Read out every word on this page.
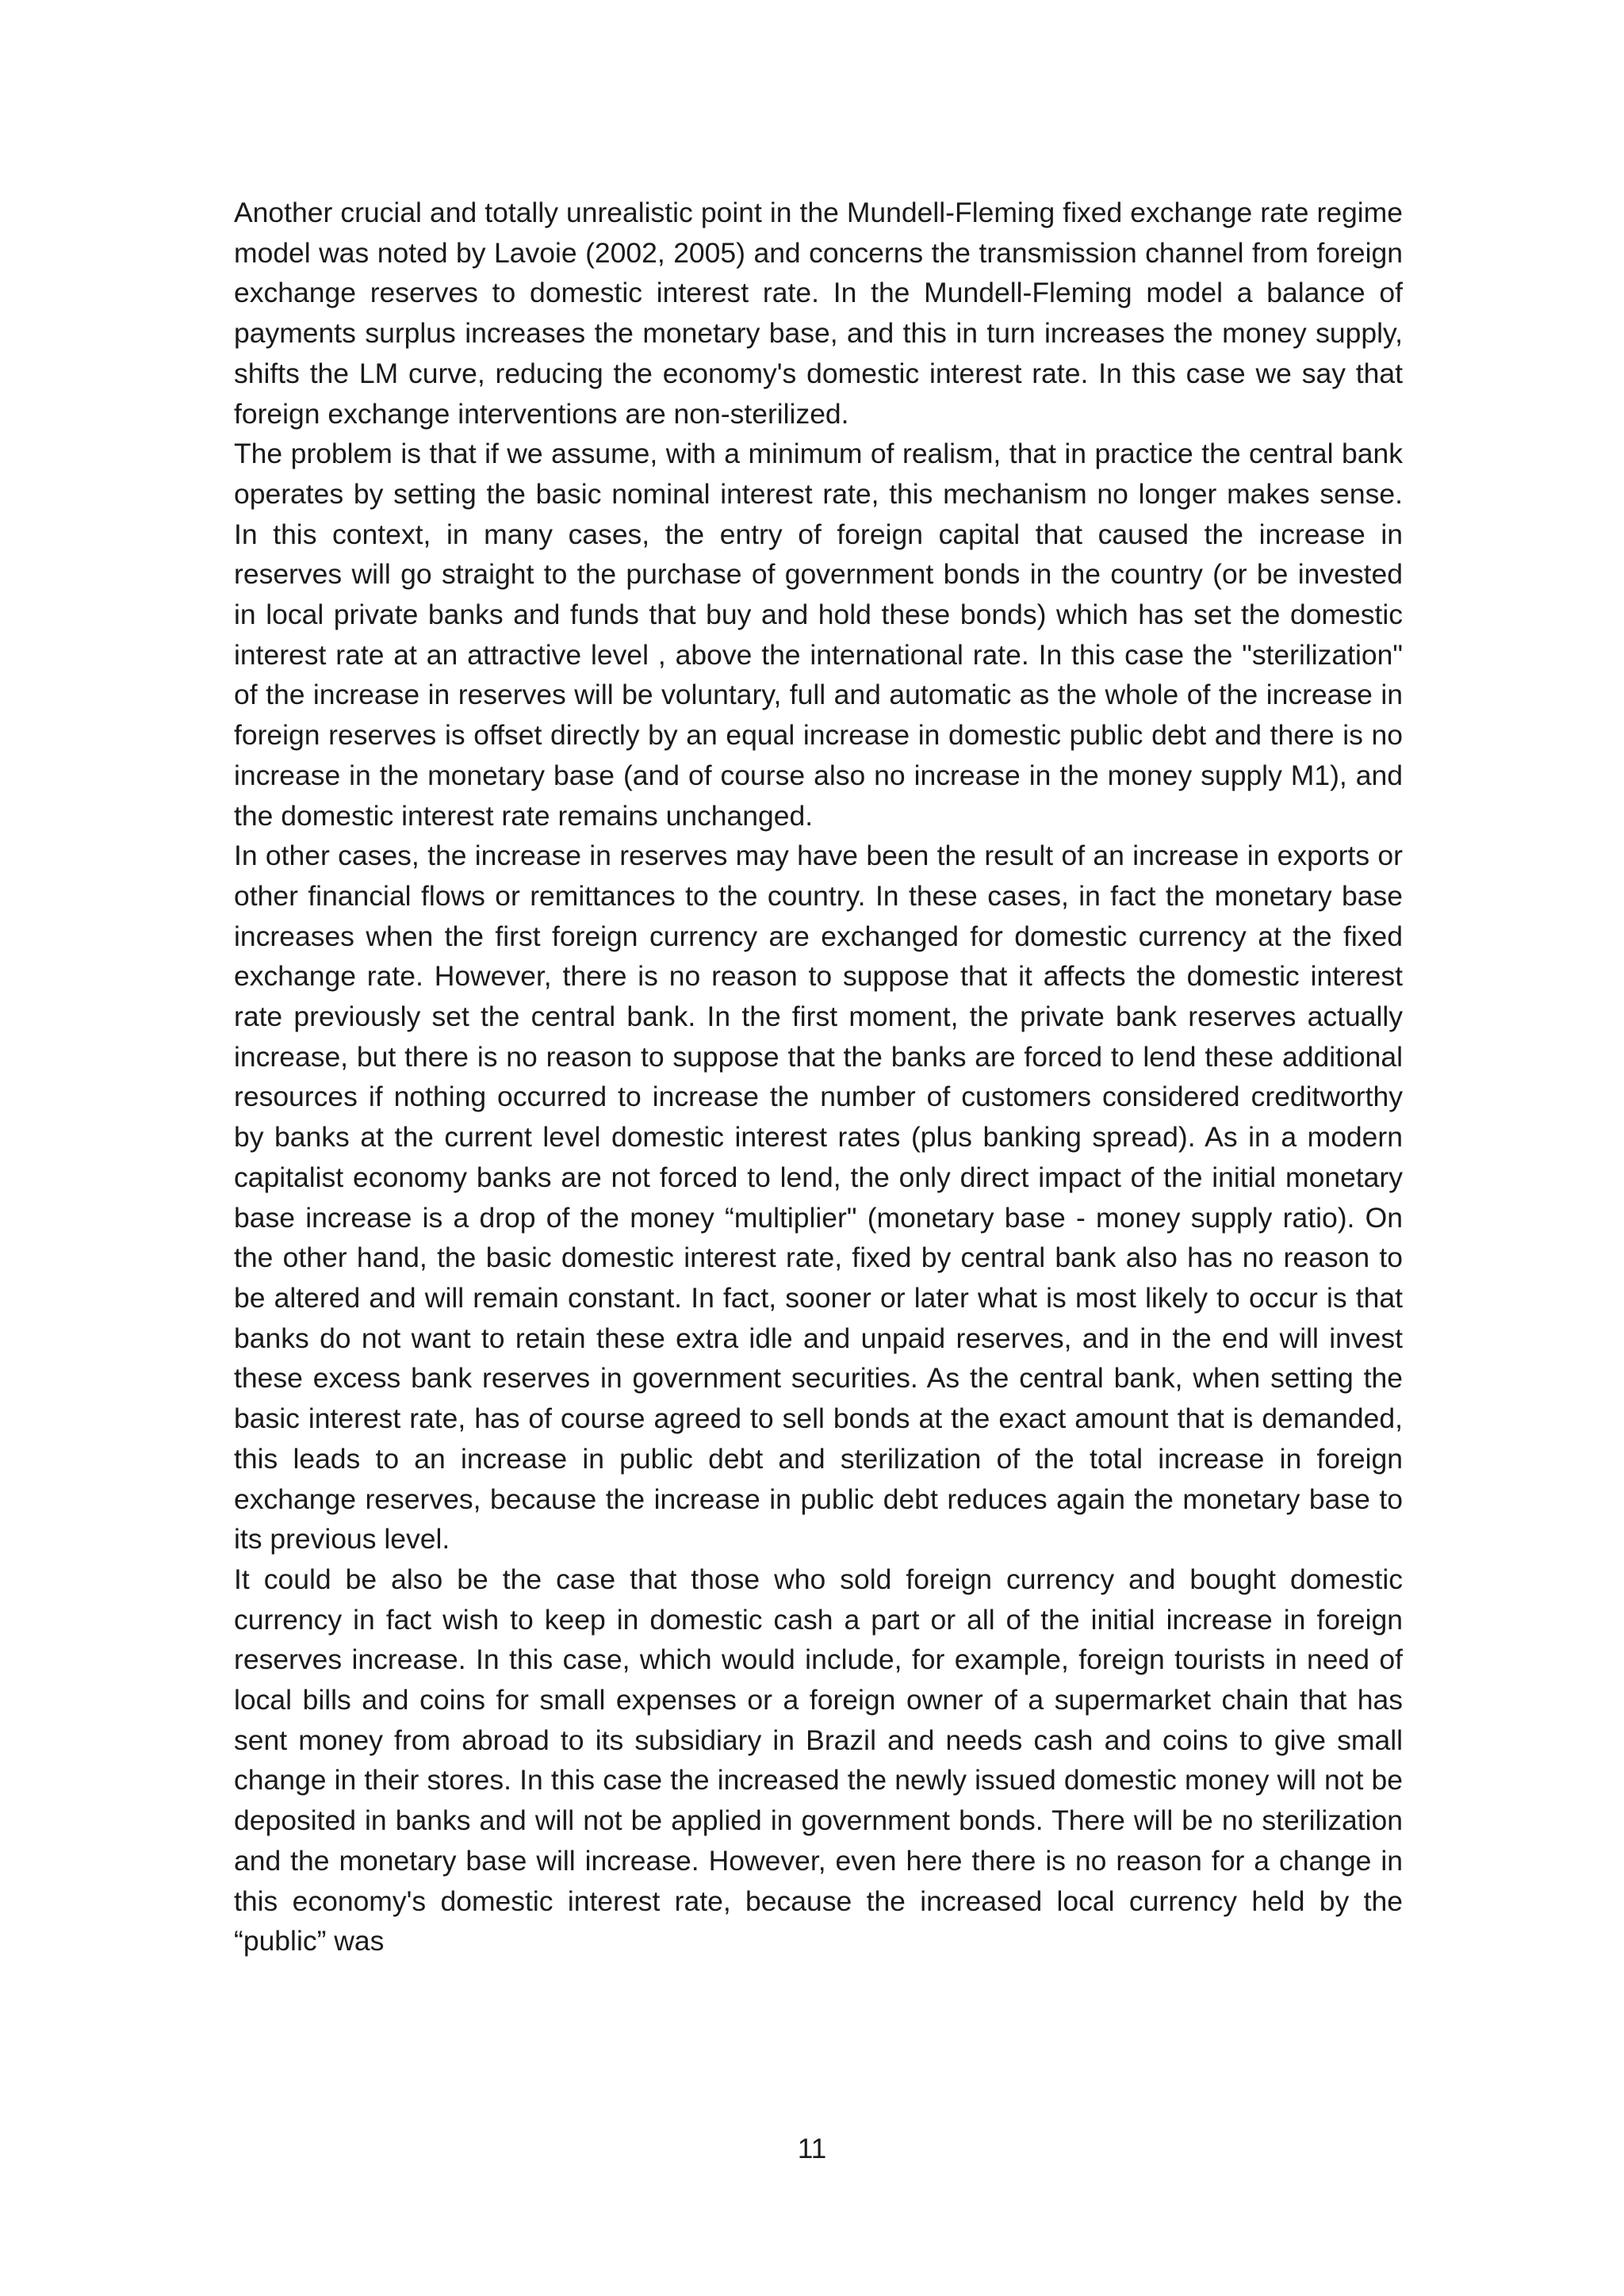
Another crucial and totally unrealistic point in the Mundell-Fleming fixed exchange rate regime model was noted by Lavoie (2002, 2005) and concerns the transmission channel from foreign exchange reserves to domestic interest rate. In the Mundell-Fleming model a balance of payments surplus increases the monetary base, and this in turn increases the money supply, shifts the LM curve, reducing the economy's domestic interest rate. In this case we say that foreign exchange interventions are non-sterilized.

The problem is that if we assume, with a minimum of realism, that in practice the central bank operates by setting the basic nominal interest rate, this mechanism no longer makes sense. In this context, in many cases, the entry of foreign capital that caused the increase in reserves will go straight to the purchase of government bonds in the country (or be invested in local private banks and funds that buy and hold these bonds) which has set the domestic interest rate at an attractive level , above the international rate. In this case the "sterilization" of the increase in reserves will be voluntary, full and automatic as the whole of the increase in foreign reserves is offset directly by an equal increase in domestic public debt and there is no increase in the monetary base (and of course also no increase in the money supply M1), and the domestic interest rate remains unchanged.

In other cases, the increase in reserves may have been the result of an increase in exports or other financial flows or remittances to the country. In these cases, in fact the monetary base increases when the first foreign currency are exchanged for domestic currency at the fixed exchange rate. However, there is no reason to suppose that it affects the domestic interest rate previously set the central bank. In the first moment, the private bank reserves actually increase, but there is no reason to suppose that the banks are forced to lend these additional resources if nothing occurred to increase the number of customers considered creditworthy by banks at the current level domestic interest rates (plus banking spread). As in a modern capitalist economy banks are not forced to lend, the only direct impact of the initial monetary base increase is a drop of the money “multiplier" (monetary base - money supply ratio). On the other hand, the basic domestic interest rate, fixed by central bank also has no reason to be altered and will remain constant. In fact, sooner or later what is most likely to occur is that banks do not want to retain these extra idle and unpaid reserves, and in the end will invest these excess bank reserves in government securities. As the central bank, when setting the basic interest rate, has of course agreed to sell bonds at the exact amount that is demanded, this leads to an increase in public debt and sterilization of the total increase in foreign exchange reserves, because the increase in public debt reduces again the monetary base to its previous level.

It could be also be the case that those who sold foreign currency and bought domestic currency in fact wish to keep in domestic cash a part or all of the initial increase in foreign reserves increase. In this case, which would include, for example, foreign tourists in need of local bills and coins for small expenses or a foreign owner of a supermarket chain that has sent money from abroad to its subsidiary in Brazil and needs cash and coins to give small change in their stores. In this case the increased the newly issued domestic money will not be deposited in banks and will not be applied in government bonds. There will be no sterilization and the monetary base will increase. However, even here there is no reason for a change in this economy's domestic interest rate, because the increased local currency held by the “public” was

11
